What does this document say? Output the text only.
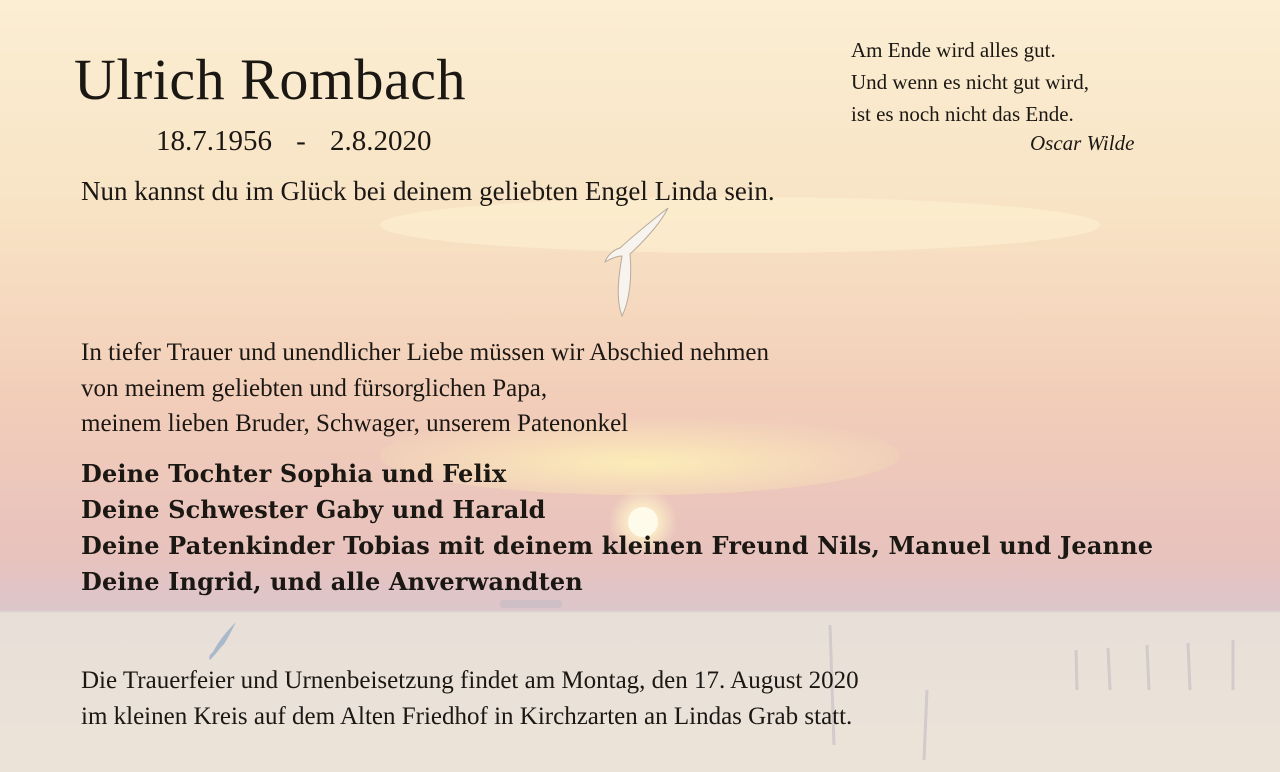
Ulrich Rombach
18.7.1956 - 2.8.2020
Am Ende wird alles gut.
Und wenn es nicht gut wird,
ist es noch nicht das Ende.
Oscar Wilde
Nun kannst du im Glück bei deinem geliebten Engel Linda sein.
In tiefer Trauer und unendlicher Liebe müssen wir Abschied nehmen
von meinem geliebten und fürsorglichen Papa,
meinem lieben Bruder, Schwager, unserem Patenonkel
Deine Tochter Sophia und Felix
Deine Schwester Gaby und Harald
Deine Patenkinder Tobias mit deinem kleinen Freund Nils, Manuel und Jeanne
Deine Ingrid, und alle Anverwandten
Die Trauerfeier und Urnenbeisetzung findet am Montag, den 17. August 2020
im kleinen Kreis auf dem Alten Friedhof in Kirchzarten an Lindas Grab statt.
